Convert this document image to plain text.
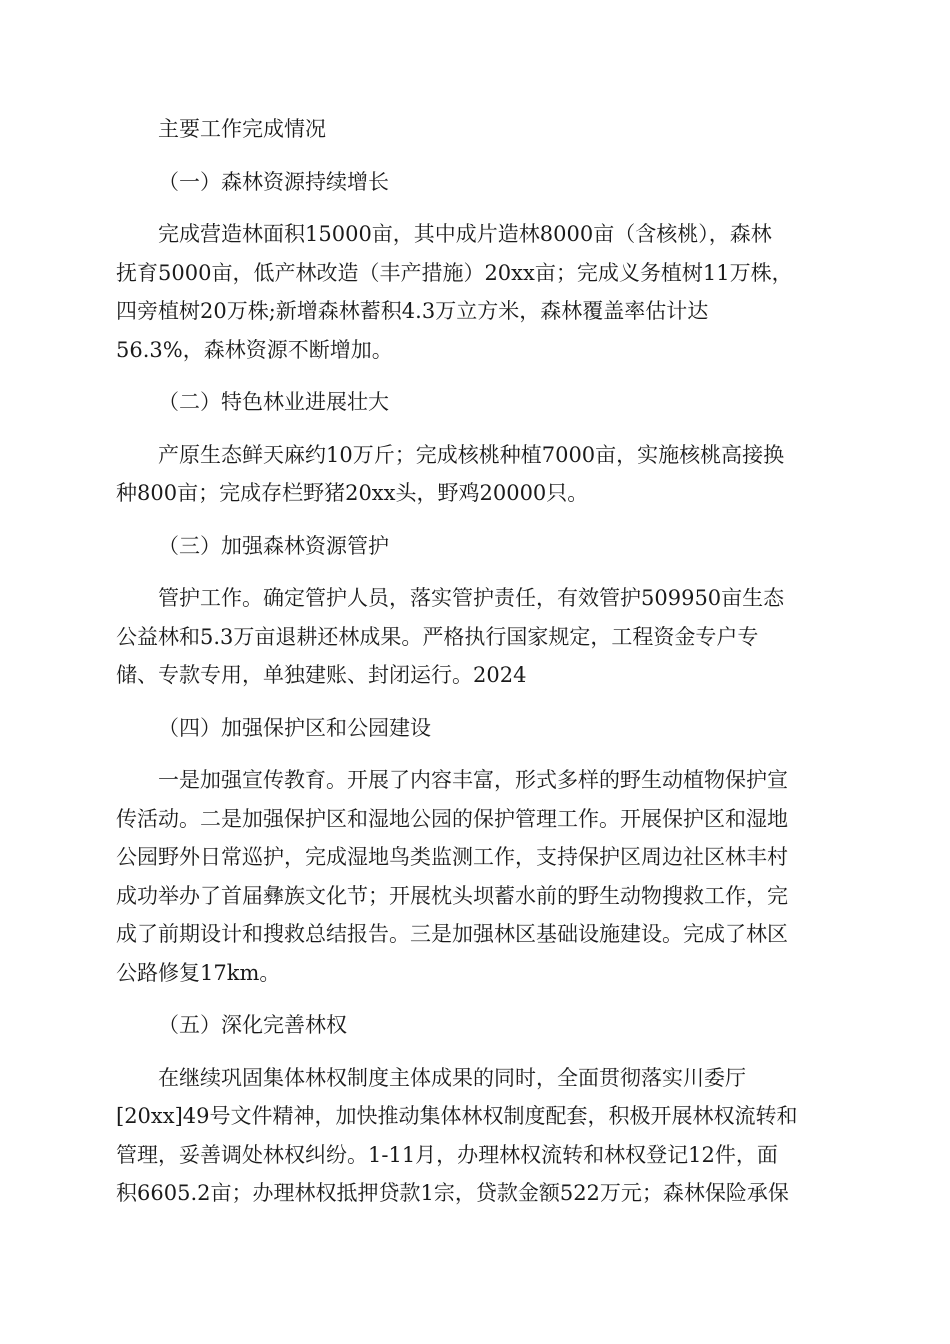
主要工作完成情况

（一）森林资源持续增长

完成营造林面积15000亩，其中成片造林8000亩（含核桃），森林
抚育5000亩，低产林改造（丰产措施）20xx亩；完成义务植树11万株，
四旁植树20万株;新增森林蓄积4.3万立方米，森林覆盖率估计达
56.3%，森林资源不断增加。

（二）特色林业进展壮大

产原生态鲜天麻约10万斤；完成核桃种植7000亩，实施核桃高接换
种800亩；完成存栏野猪20xx头，野鸡20000只。

（三）加强森林资源管护

管护工作。确定管护人员，落实管护责任，有效管护509950亩生态
公益林和5.3万亩退耕还林成果。严格执行国家规定，工程资金专户专
储、专款专用，单独建账、封闭运行。2024

（四）加强保护区和公园建设

一是加强宣传教育。开展了内容丰富，形式多样的野生动植物保护宣
传活动。二是加强保护区和湿地公园的保护管理工作。开展保护区和湿地
公园野外日常巡护，完成湿地鸟类监测工作，支持保护区周边社区林丰村
成功举办了首届彝族文化节；开展枕头坝蓄水前的野生动物搜救工作，完
成了前期设计和搜救总结报告。三是加强林区基础设施建设。完成了林区
公路修复17km。

（五）深化完善林权

在继续巩固集体林权制度主体成果的同时，全面贯彻落实川委厅
[20xx]49号文件精神，加快推动集体林权制度配套，积极开展林权流转和
管理，妥善调处林权纠纷。1-11月，办理林权流转和林权登记12件，面
积6605.2亩；办理林权抵押贷款1宗，贷款金额522万元；森林保险承保
